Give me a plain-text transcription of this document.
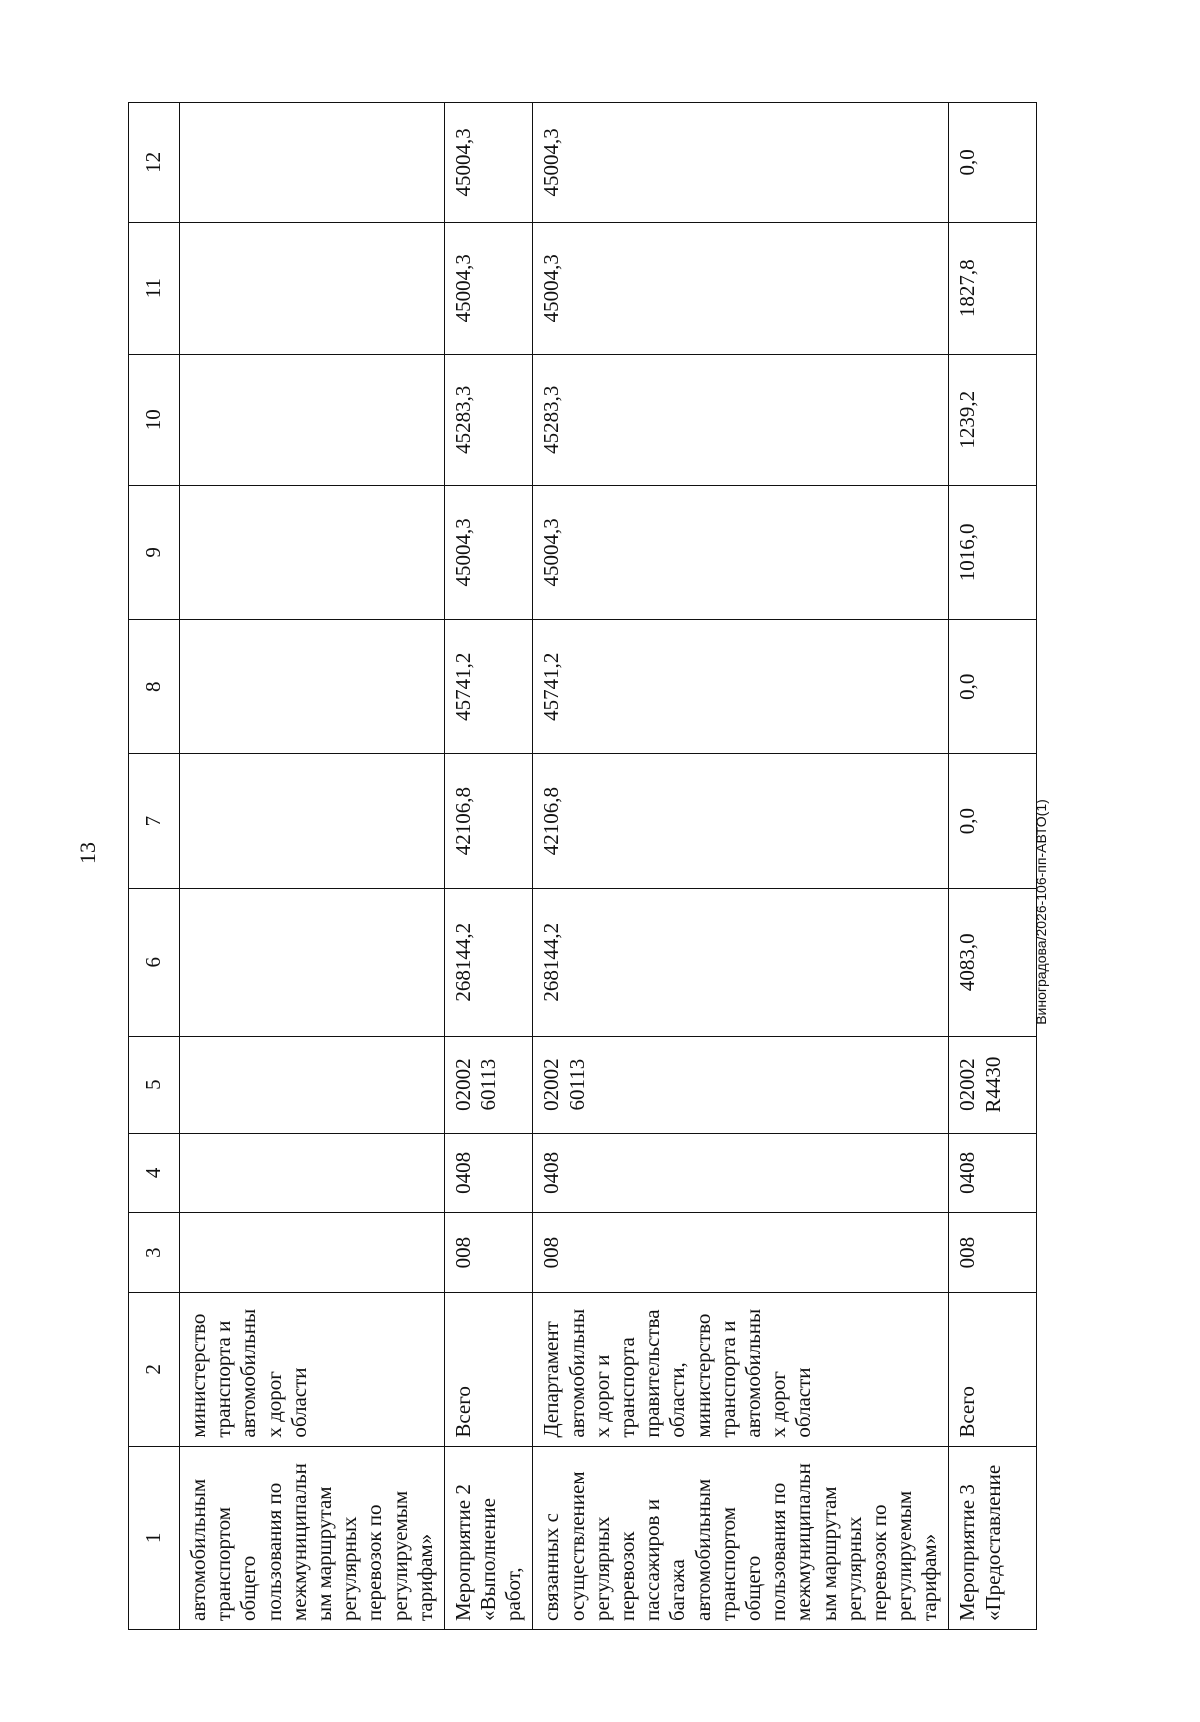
13	Виноградова/2026-106-пп-АВТО(1)
1	2	3	4	5	6	7	8	9	10	11	12
автомобильным транспортом общего пользования по межмуниципальным маршрутам регулярных перевозок по регулируемым тарифам»	министерство транспорта и автомобильных дорог области										
Мероприятие 2 «Выполнение работ,	Всего	008	0408	02002 60113	268144,2	42106,8	45741,2	45004,3	45283,3	45004,3	45004,3
связанных с осуществлением регулярных перевозок пассажиров и багажа автомобильным транспортом общего пользования по межмуниципальным маршрутам регулярных перевозок по регулируемым тарифам»	Департамент автомобильных дорог и транспорта правительства области, министерство транспорта и автомобильных дорог области	008	0408	02002 60113	268144,2	42106,8	45741,2	45004,3	45283,3	45004,3	45004,3
Мероприятие 3 «Предоставление	Всего	008	0408	02002 R4430	4083,0	0,0	0,0	1016,0	1239,2	1827,8	0,0
